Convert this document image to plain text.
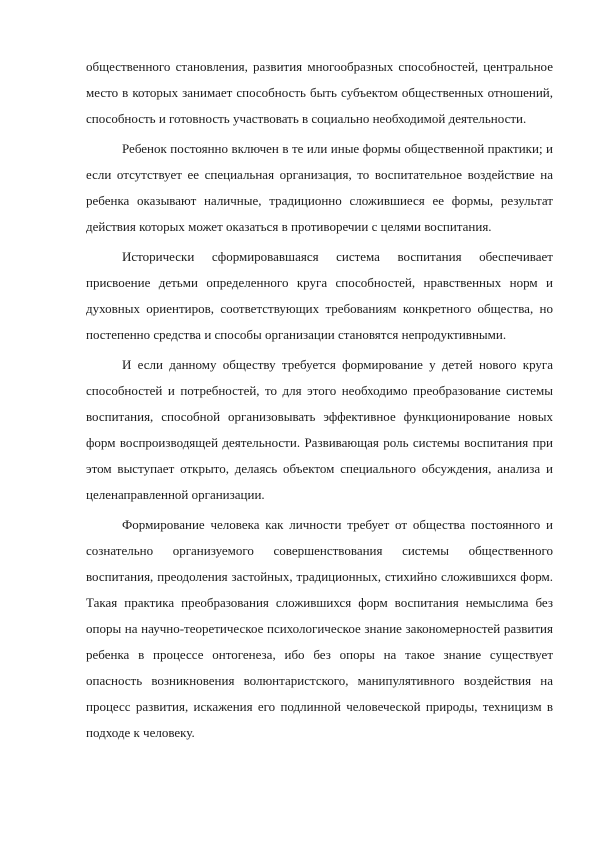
общественного становления, развития многообразных способностей, центральное место в которых занимает способность быть субъектом общественных отношений, способность и готовность участвовать в социально необходимой деятельности.

Ребенок постоянно включен в те или иные формы общественной практики; и если отсутствует ее специальная организация, то воспитательное воздействие на ребенка оказывают наличные, традиционно сложившиеся ее формы, результат действия которых может оказаться в противоречии с целями воспитания.

Исторически сформировавшаяся система воспитания обеспечивает присвоение детьми определенного круга способностей, нравственных норм и духовных ориентиров, соответствующих требованиям конкретного общества, но постепенно средства и способы организации становятся непродуктивными.

И если данному обществу требуется формирование у детей нового круга способностей и потребностей, то для этого необходимо преобразование системы воспитания, способной организовывать эффективное функционирование новых форм воспроизводящей деятельности. Развивающая роль системы воспитания при этом выступает открыто, делаясь объектом специального обсуждения, анализа и целенаправленной организации.

Формирование человека как личности требует от общества постоянного и сознательно организуемого совершенствования системы общественного воспитания, преодоления застойных, традиционных, стихийно сложившихся форм. Такая практика преобразования сложившихся форм воспитания немыслима без опоры на научно-теоретическое психологическое знание закономерностей развития ребенка в процессе онтогенеза, ибо без опоры на такое знание существует опасность возникновения волюнтаристского, манипулятивного воздействия на процесс развития, искажения его подлинной человеческой природы, техницизм в подходе к человеку.
